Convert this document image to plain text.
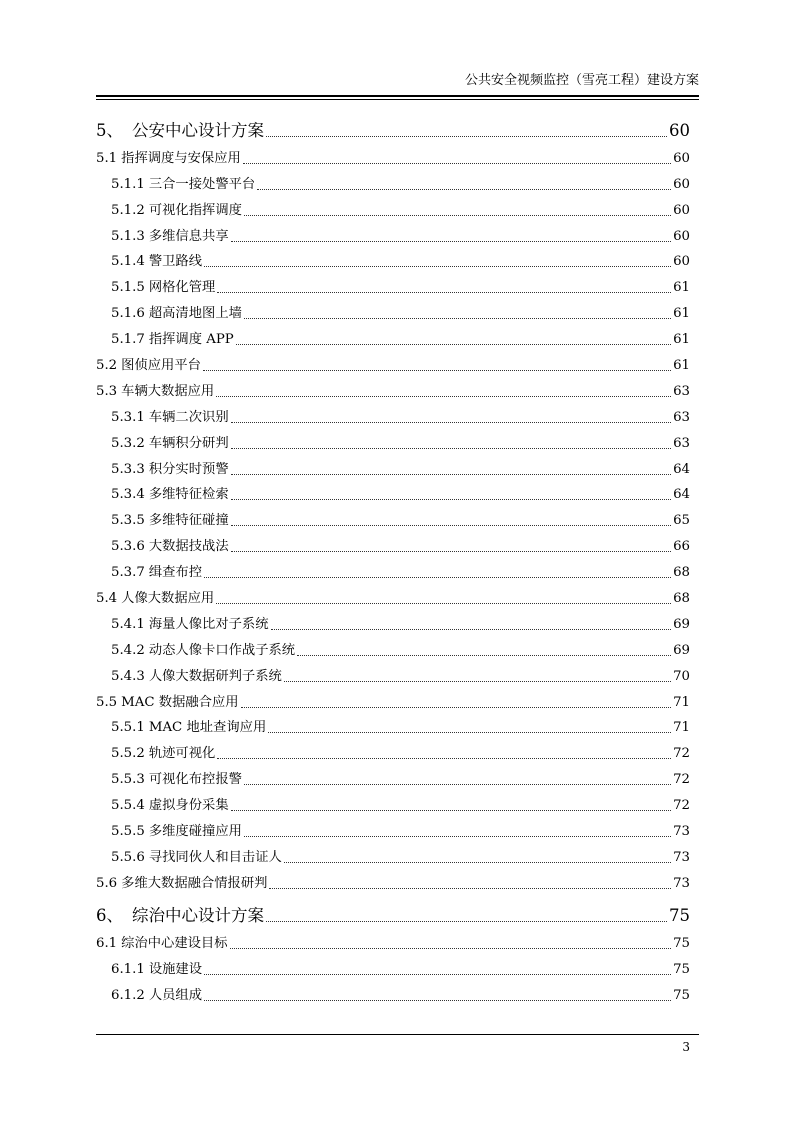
公共安全视频监控（雪亮工程）建设方案
5、 公安中心设计方案	60
5.1 指挥调度与安保应用	60
5.1.1 三合一接处警平台	60
5.1.2 可视化指挥调度	60
5.1.3 多维信息共享	60
5.1.4 警卫路线	60
5.1.5 网格化管理	61
5.1.6 超高清地图上墙	61
5.1.7 指挥调度 APP	61
5.2 图侦应用平台	61
5.3 车辆大数据应用	63
5.3.1 车辆二次识别	63
5.3.2 车辆积分研判	63
5.3.3 积分实时预警	64
5.3.4 多维特征检索	64
5.3.5 多维特征碰撞	65
5.3.6 大数据技战法	66
5.3.7 缉查布控	68
5.4 人像大数据应用	68
5.4.1 海量人像比对子系统	69
5.4.2 动态人像卡口作战子系统	69
5.4.3 人像大数据研判子系统	70
5.5 MAC 数据融合应用	71
5.5.1 MAC 地址查询应用	71
5.5.2 轨迹可视化	72
5.5.3 可视化布控报警	72
5.5.4 虚拟身份采集	72
5.5.5 多维度碰撞应用	73
5.5.6 寻找同伙人和目击证人	73
5.6 多维大数据融合情报研判	73
6、 综治中心设计方案	75
6.1 综治中心建设目标	75
6.1.1 设施建设	75
6.1.2 人员组成	75
3
